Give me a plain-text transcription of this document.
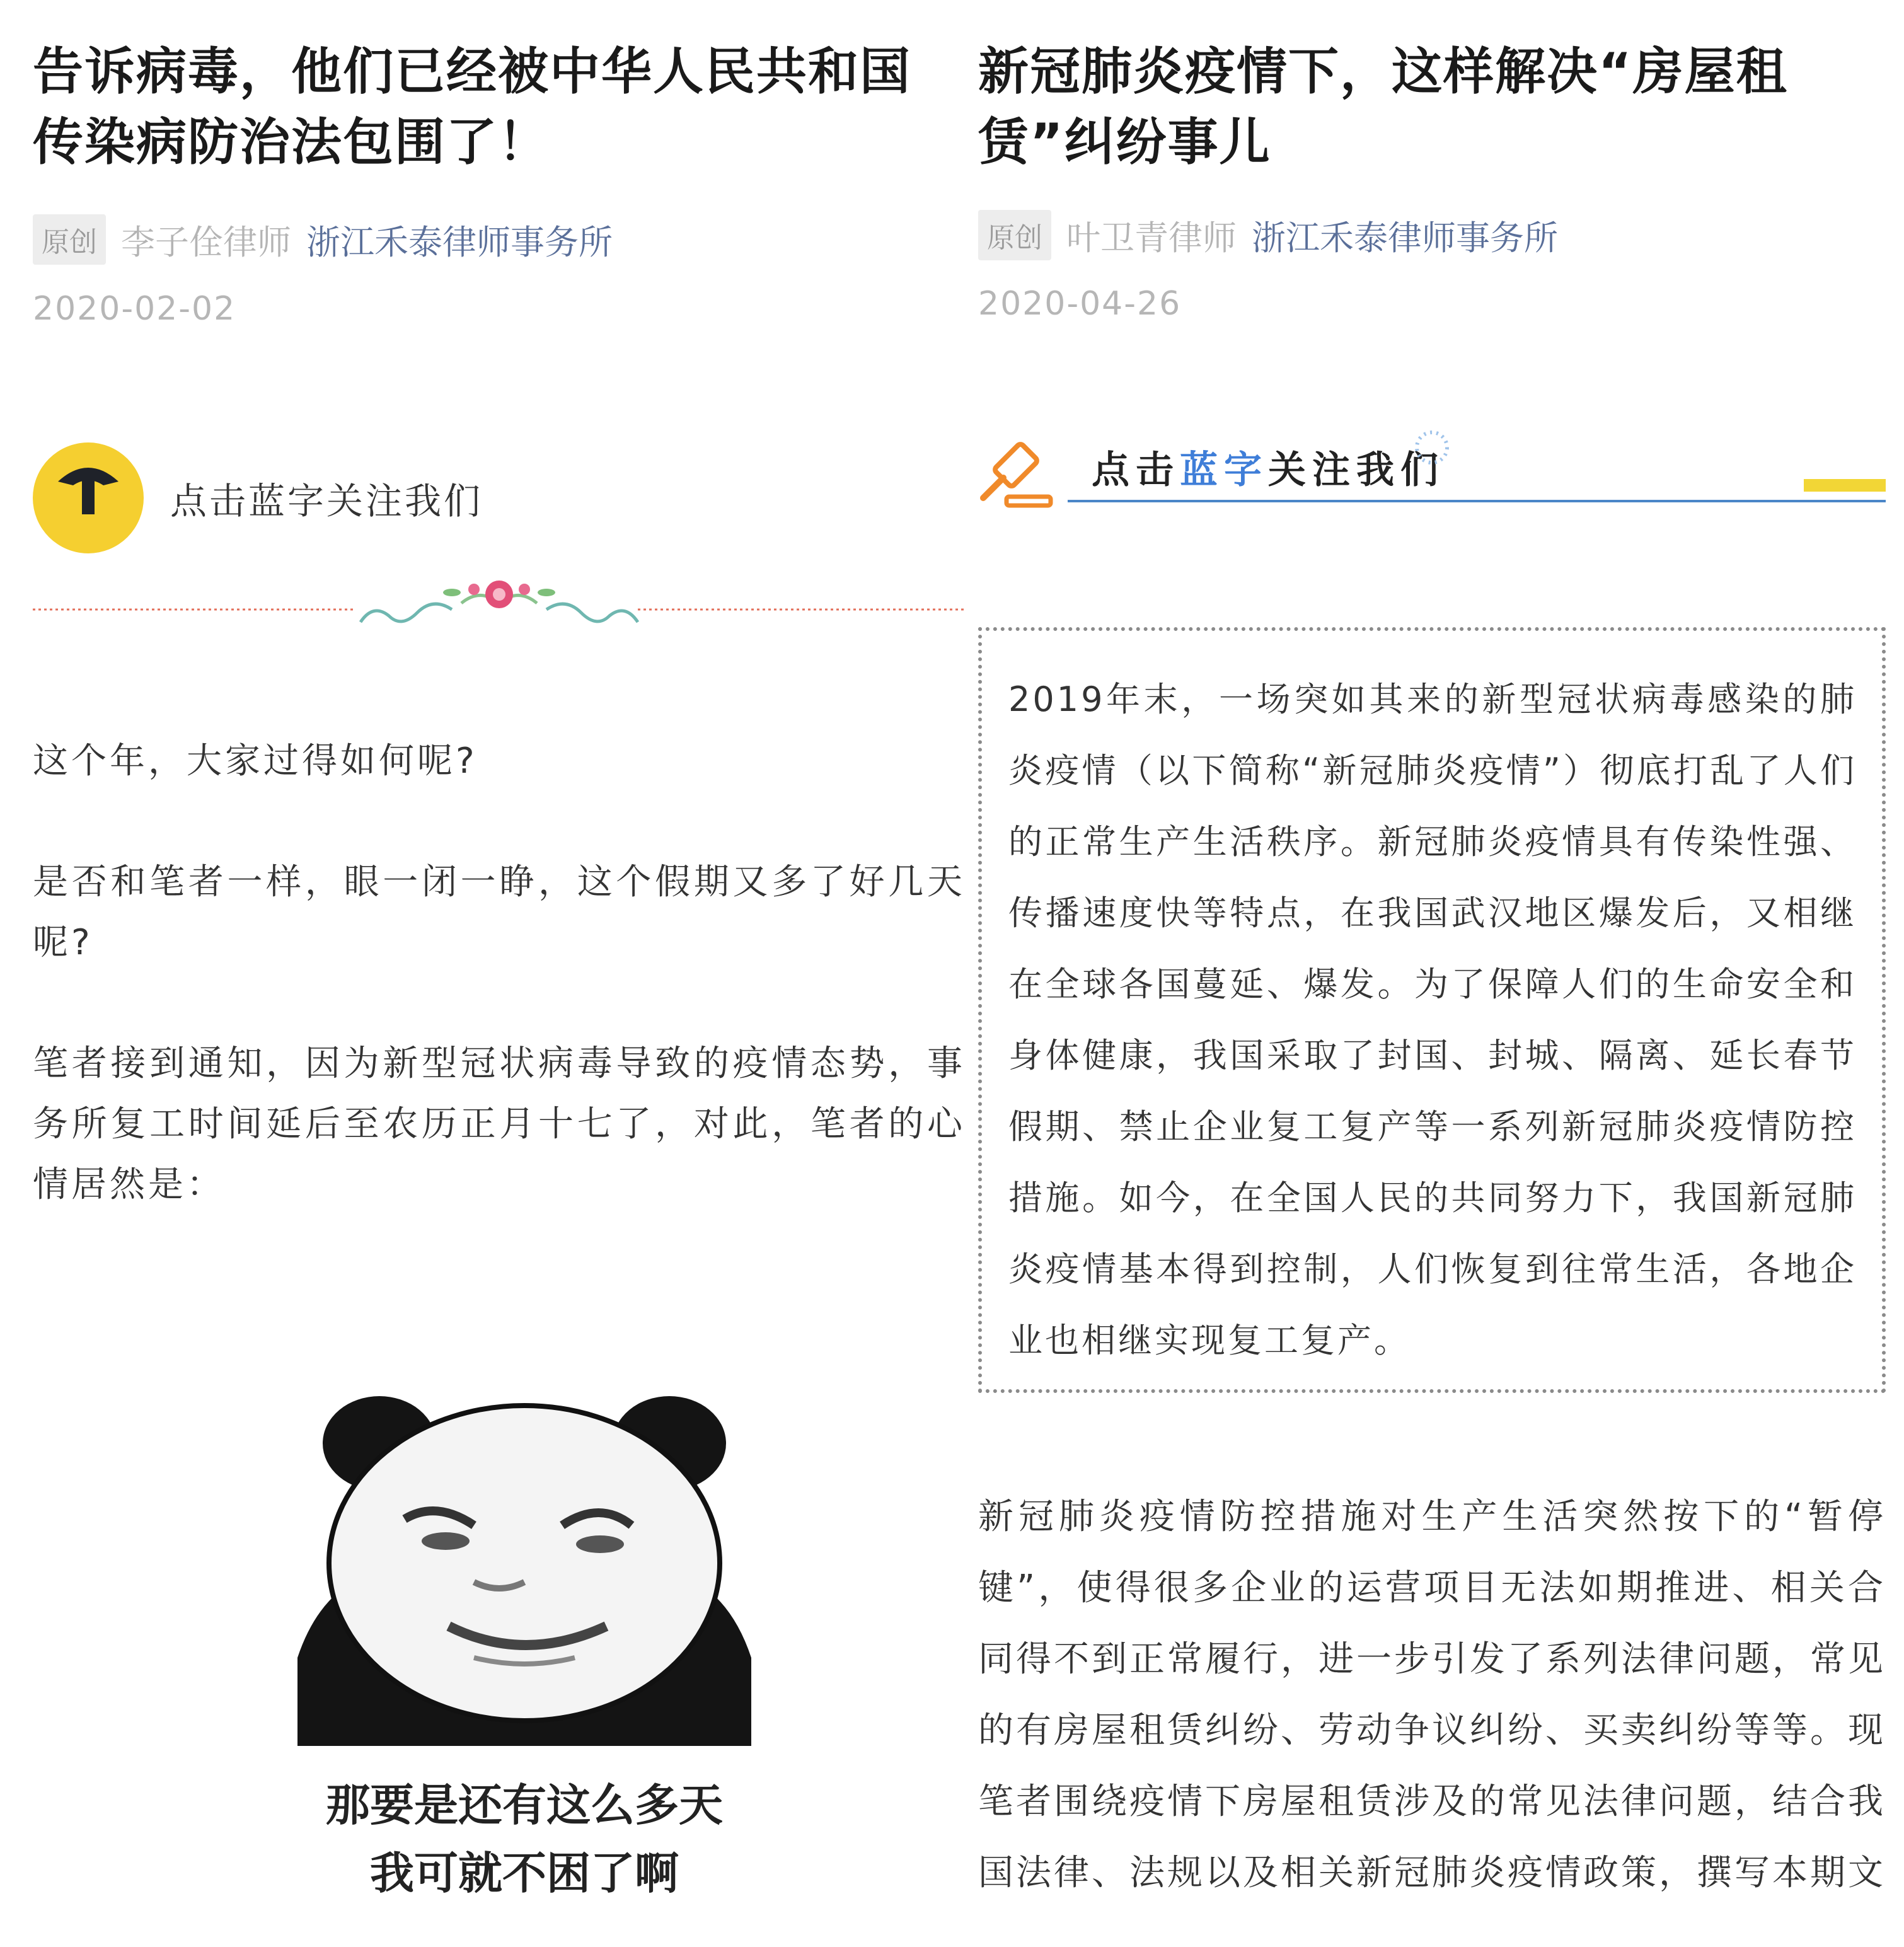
告诉病毒，他们已经被中华人民共和国传染病防治法包围了！
原创 李子佺律师 浙江禾泰律师事务所
2020-02-02
点击蓝字关注我们
这个年，大家过得如何呢?
是否和笔者一样，眼一闭一睁，这个假期又多了好几天呢?
笔者接到通知，因为新型冠状病毒导致的疫情态势，事务所复工时间延后至农历正月十七了，对此，笔者的心情居然是：
那要是还有这么多天
我可就不困了啊
新冠肺炎疫情下，这样解决“房屋租赁”纠纷事儿
原创 叶卫青律师 浙江禾泰律师事务所
2020-04-26
点击蓝字关注我们

2019年末，一场突如其来的新型冠状病毒感染的肺炎疫情（以下简称“新冠肺炎疫情”）彻底打乱了人们的正常生产生活秩序。新冠肺炎疫情具有传染性强、传播速度快等特点，在我国武汉地区爆发后，又相继在全球各国蔓延、爆发。为了保障人们的生命安全和身体健康，我国采取了封国、封城、隔离、延长春节假期、禁止企业复工复产等一系列新冠肺炎疫情防控措施。如今，在全国人民的共同努力下，我国新冠肺炎疫情基本得到控制，人们恢复到往常生活，各地企业也相继实现复工复产。

新冠肺炎疫情防控措施对生产生活突然按下的“暂停键”，使得很多企业的运营项目无法如期推进、相关合同得不到正常履行，进一步引发了系列法律问题，常见的有房屋租赁纠纷、劳动争议纠纷、买卖纠纷等等。现笔者围绕疫情下房屋租赁涉及的常见法律问题，结合我国法律、法规以及相关新冠肺炎疫情政策，撰写本期文
